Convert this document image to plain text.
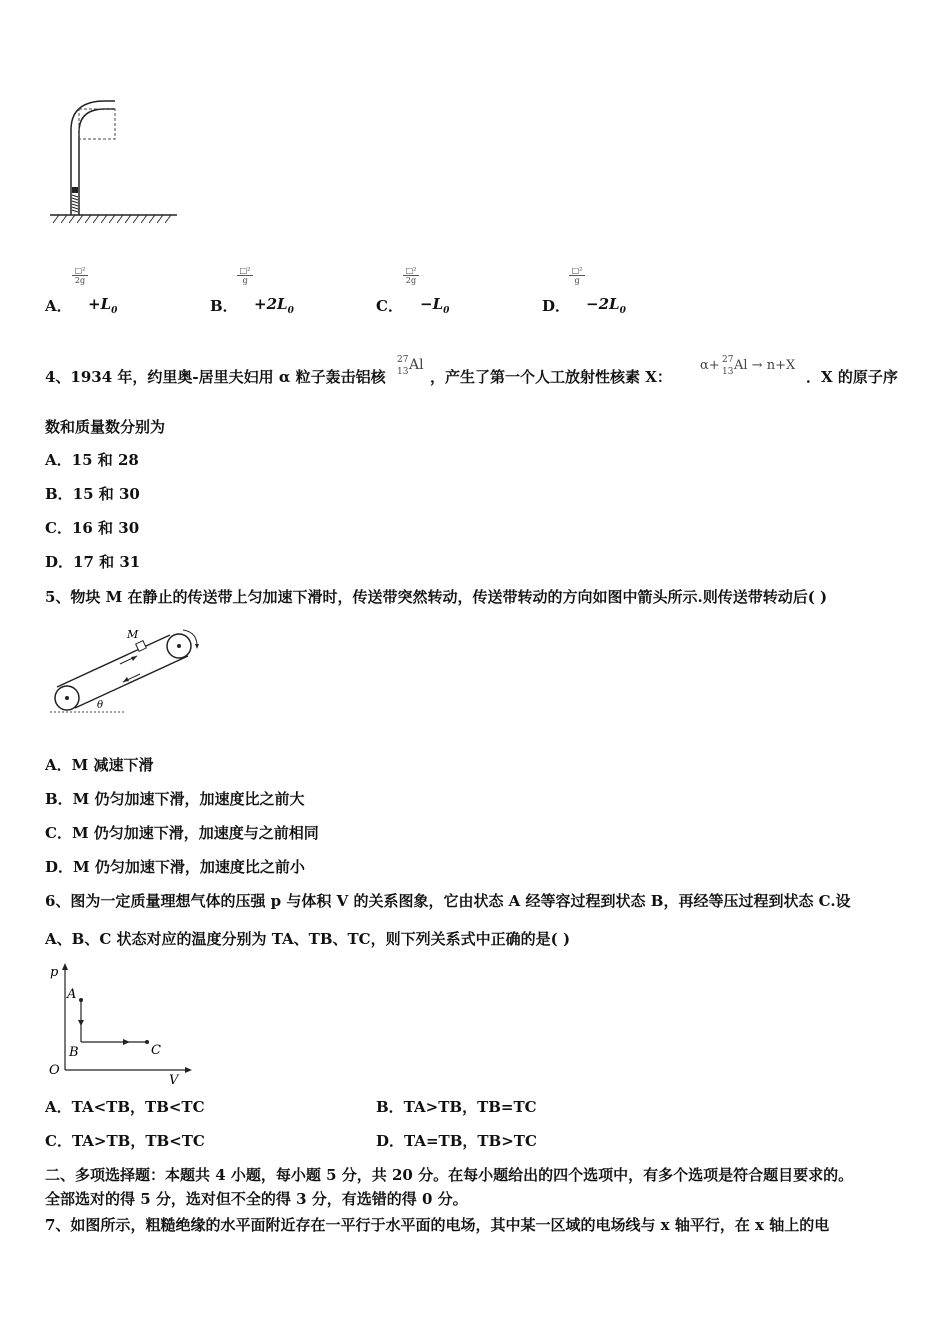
A．
□²
2g
$+L_0$	B．
□²
g
$+2L_0$	C．
□²
2g
$-L_0$	D．
□²
g
$-2L_0$
4、1934 年，约里奥-居里夫妇用 α 粒子轰击铝核
27
13 Al
，产生了第一个人工放射性核素 X：
α+ 27
13 Al → n+X
．X 的原子序
数和质量数分别为
A．15 和 28
B．15 和 30
C．16 和 30
D．17 和 31
5、物块 M 在静止的传送带上匀加速下滑时，传送带突然转动，传送带转动的方向如图中箭头所示.则传送带转动后( )
M
θ
A．M 减速下滑
B．M 仍匀加速下滑，加速度比之前大
C．M 仍匀加速下滑，加速度与之前相同
D．M 仍匀加速下滑，加速度比之前小
6、图为一定质量理想气体的压强 p 与体积 V 的关系图象，它由状态 A 经等容过程到状态 B，再经等压过程到状态 C.设
A、B、C 状态对应的温度分别为 TA、TB、TC，则下列关系式中正确的是( )
p
A
B	C
O
V
A．TA<TB，TB<TC	B．TA>TB，TB=TC
C．TA>TB，TB<TC	D．TA=TB，TB>TC
二、多项选择题：本题共 4 小题，每小题 5 分，共 20 分。在每小题给出的四个选项中，有多个选项是符合题目要求的。
全部选对的得 5 分，选对但不全的得 3 分，有选错的得 0 分。
7、如图所示，粗糙绝缘的水平面附近存在一平行于水平面的电场，其中某一区域的电场线与 x 轴平行，在 x 轴上的电
